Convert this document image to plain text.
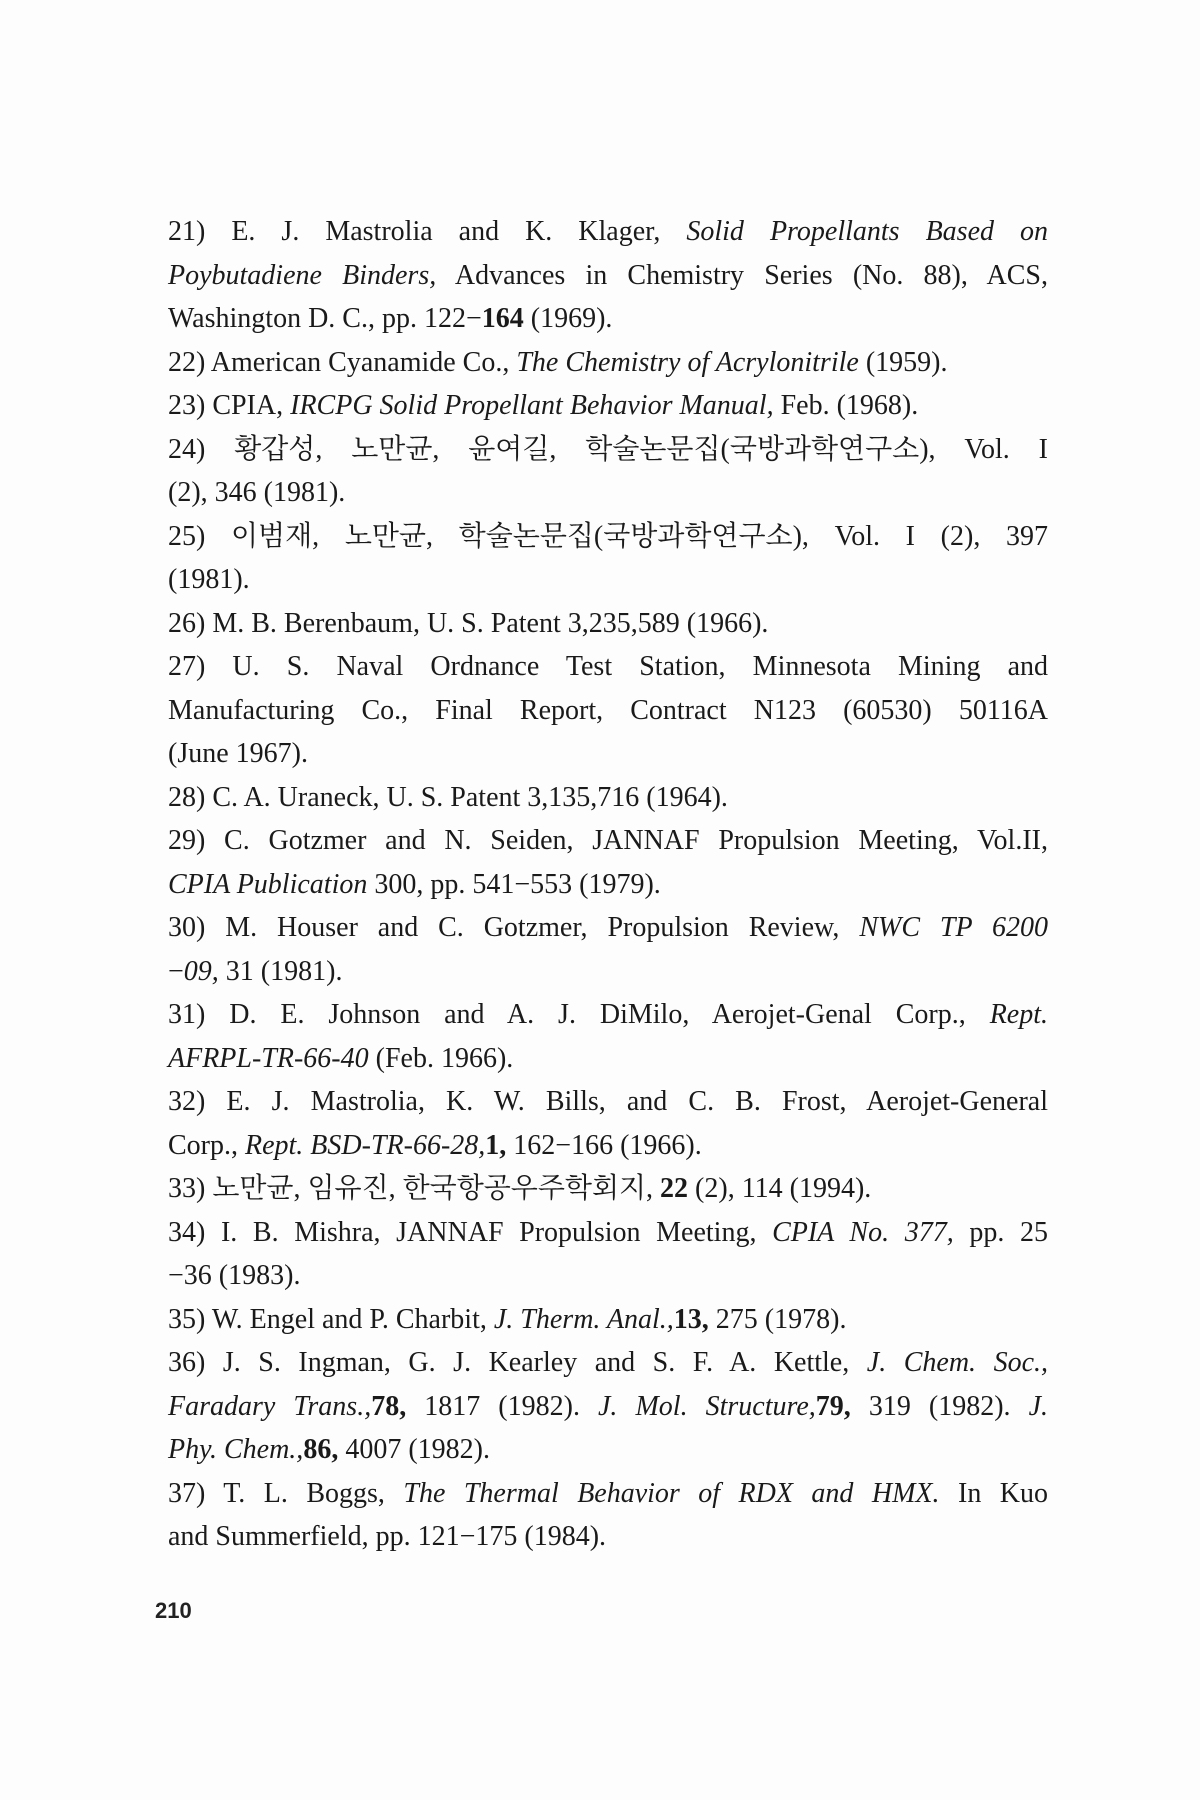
21) E. J. Mastrolia and K. Klager, Solid Propellants Based on
Poybutadiene Binders, Advances in Chemistry Series (No. 88), ACS,
Washington D. C., pp. 122−164 (1969).
22) American Cyanamide Co., The Chemistry of Acrylonitrile (1959).
23) CPIA, IRCPG Solid Propellant Behavior Manual, Feb. (1968).
24) 황갑성, 노만균, 윤여길, 학술논문집(국방과학연구소), Vol. I
(2), 346 (1981).
25) 이범재, 노만균, 학술논문집(국방과학연구소), Vol. I (2), 397
(1981).
26) M. B. Berenbaum, U. S. Patent 3,235,589 (1966).
27) U. S. Naval Ordnance Test Station, Minnesota Mining and
Manufacturing Co., Final Report, Contract N123 (60530) 50116A
(June 1967).
28) C. A. Uraneck, U. S. Patent 3,135,716 (1964).
29) C. Gotzmer and N. Seiden, JANNAF Propulsion Meeting, Vol.II,
CPIA Publication 300, pp. 541−553 (1979).
30) M. Houser and C. Gotzmer, Propulsion Review, NWC TP 6200
−09, 31 (1981).
31) D. E. Johnson and A. J. DiMilo, Aerojet-Genal Corp., Rept.
AFRPL-TR-66-40 (Feb. 1966).
32) E. J. Mastrolia, K. W. Bills, and C. B. Frost, Aerojet-General
Corp., Rept. BSD-TR-66-28,1, 162−166 (1966).
33) 노만균, 임유진, 한국항공우주학회지, 22 (2), 114 (1994).
34) I. B. Mishra, JANNAF Propulsion Meeting, CPIA No. 377, pp. 25
−36 (1983).
35) W. Engel and P. Charbit, J. Therm. Anal.,13, 275 (1978).
36) J. S. Ingman, G. J. Kearley and S. F. A. Kettle, J. Chem. Soc.,
Faradary Trans.,78, 1817 (1982). J. Mol. Structure,79, 319 (1982). J.
Phy. Chem.,86, 4007 (1982).
37) T. L. Boggs, The Thermal Behavior of RDX and HMX. In Kuo
and Summerfield, pp. 121−175 (1984).
210
